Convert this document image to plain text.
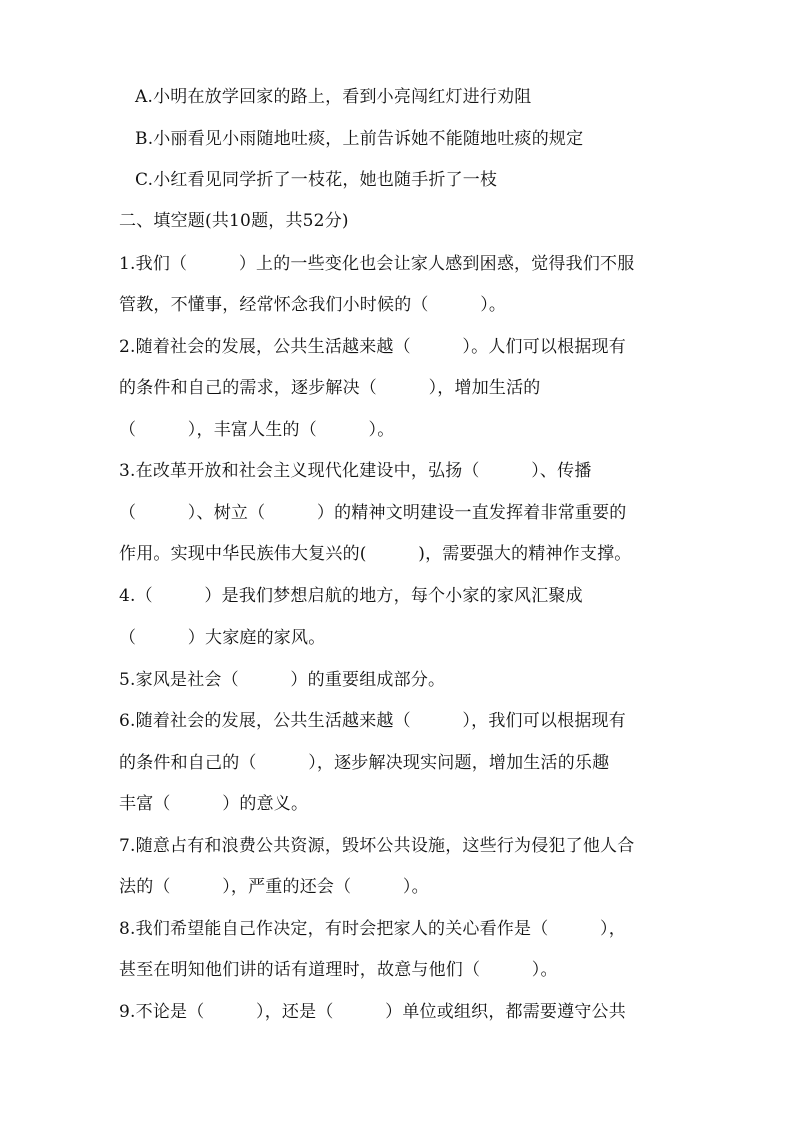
A.小明在放学回家的路上，看到小亮闯红灯进行劝阻
B.小丽看见小雨随地吐痰，上前告诉她不能随地吐痰的规定
C.小红看见同学折了一枝花，她也随手折了一枝
二、填空题(共10题，共52分)
1.我们（　　　）上的一些变化也会让家人感到困惑，觉得我们不服
管教，不懂事，经常怀念我们小时候的（　　　）。
2.随着社会的发展，公共生活越来越（　　　）。人们可以根据现有
的条件和自己的需求，逐步解决（　　　），增加生活的
（　　　），丰富人生的（　　　）。
3.在改革开放和社会主义现代化建设中，弘扬（　　　）、传播
（　　　）、树立（　　　）的精神文明建设一直发挥着非常重要的
作用。实现中华民族伟大复兴的(　　　)，需要强大的精神作支撑。
4.（　　　）是我们梦想启航的地方，每个小家的家风汇聚成
（　　　）大家庭的家风。
5.家风是社会（　　　）的重要组成部分。
6.随着社会的发展，公共生活越来越（　　　），我们可以根据现有
的条件和自己的（　　　），逐步解决现实问题，增加生活的乐趣
丰富（　　　）的意义。
7.随意占有和浪费公共资源，毁坏公共设施，这些行为侵犯了他人合
法的（　　　），严重的还会（　　　）。
8.我们希望能自己作决定，有时会把家人的关心看作是（　　　），
甚至在明知他们讲的话有道理时，故意与他们（　　　）。
9.不论是（　　　），还是（　　　）单位或组织，都需要遵守公共
